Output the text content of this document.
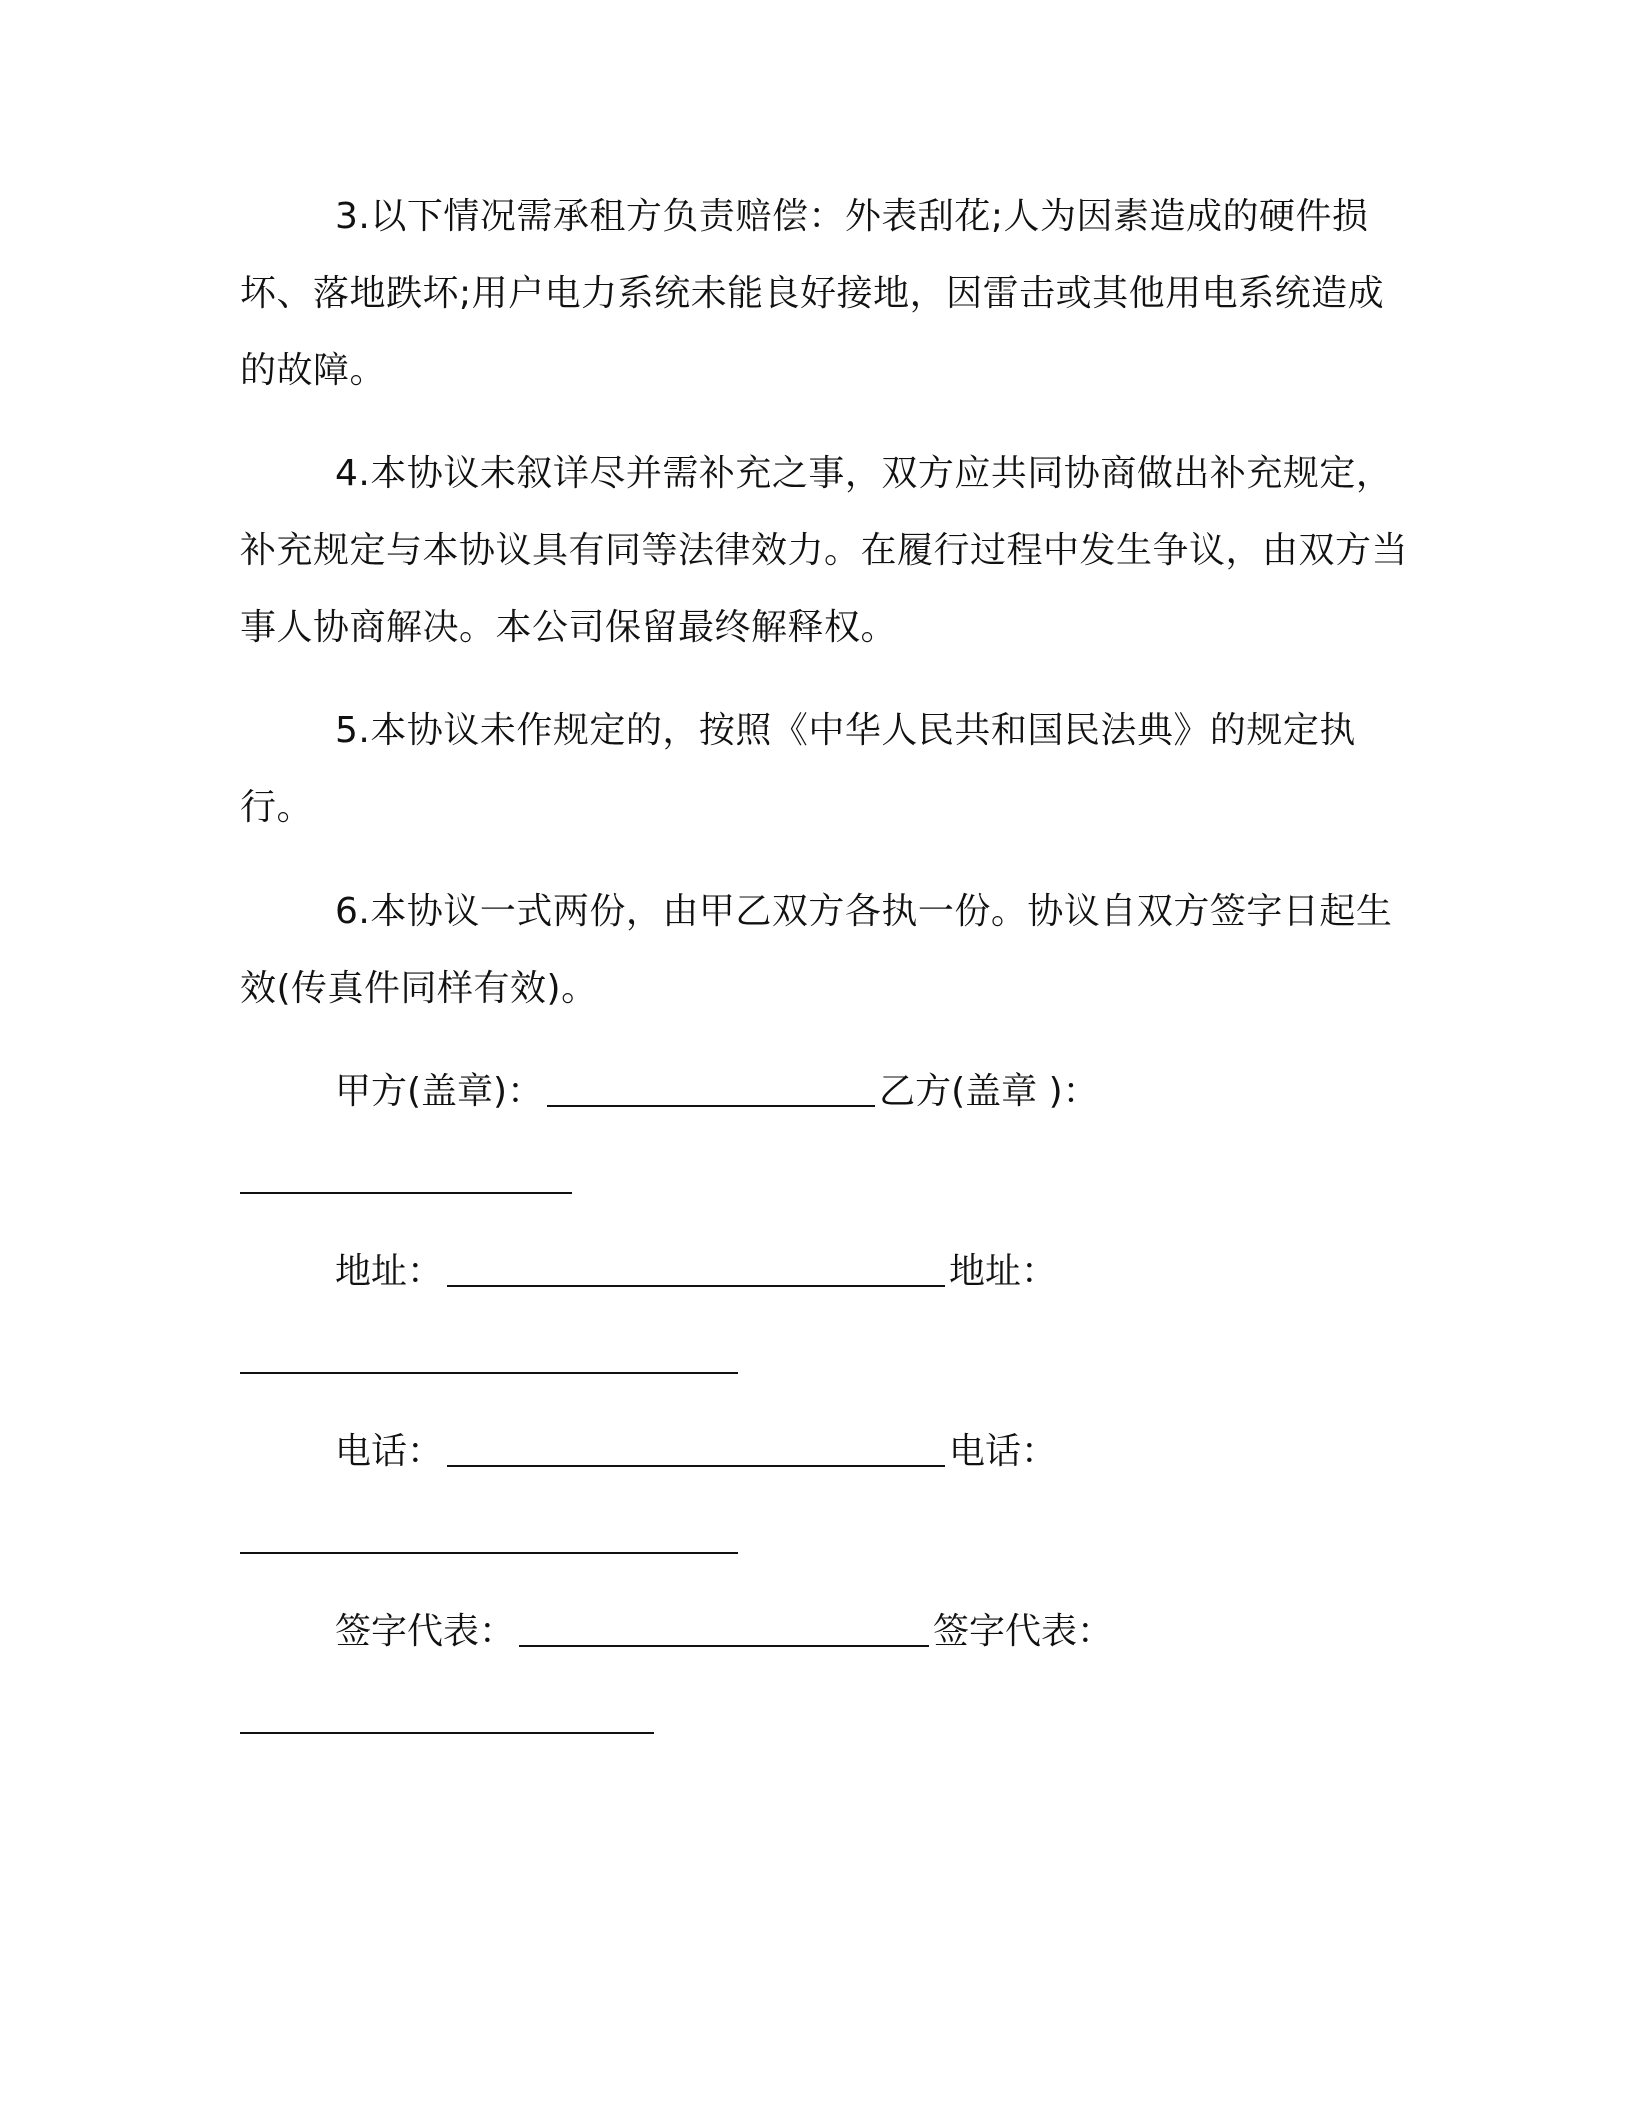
3.以下情况需承租方负责赔偿：外表刮花;人为因素造成的硬件损坏、落地跌坏;用户电力系统未能良好接地，因雷击或其他用电系统造成的故障。

4.本协议未叙详尽并需补充之事，双方应共同协商做出补充规定，补充规定与本协议具有同等法律效力。在履行过程中发生争议，由双方当事人协商解决。本公司保留最终解释权。

5.本协议未作规定的，按照《中华人民共和国民法典》的规定执行。

6.本协议一式两份，由甲乙双方各执一份。协议自双方签字日起生效(传真件同样有效)。

甲方(盖章)：	乙方(盖章 )：
地址：	地址：
电话：	电话：
签字代表：	签字代表：
